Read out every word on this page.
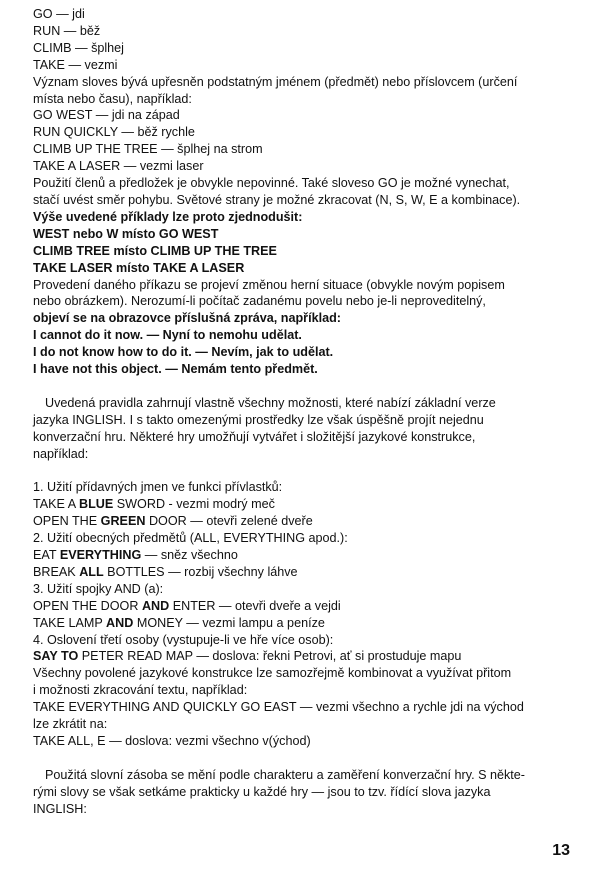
GO — jdi

RUN — běž

CLIMB — šplhej

TAKE — vezmi

Význam sloves bývá upřesněn podstatným jménem (předmět) nebo příslovcem (určení

místa nebo času), například:

GO WEST — jdi na západ

RUN QUICKLY — běž rychle

CLIMB UP THE TREE — šplhej na strom

TAKE A LASER — vezmi laser

Použití členů a předložek je obvykle nepovinné. Také sloveso GO je možné vynechat,

stačí uvést směr pohybu. Světové strany je možné zkracovat (N, S, W, E a kombinace).

Výše uvedené příklady lze proto zjednodušit:

WEST nebo W místo GO WEST

CLIMB TREE místo CLIMB UP THE TREE

TAKE LASER místo TAKE A LASER

Provedení daného příkazu se projeví změnou herní situace (obvykle novým popisem

nebo obrázkem). Nerozumí-li počítač zadanému povelu nebo je-li neproveditelný,

objeví se na obrazovce příslušná zpráva, například:

I cannot do it now. — Nyní to nemohu udělat.

I do not know how to do it. — Nevím, jak to udělat.

I have not this object. — Nemám tento předmět.

Uvedená pravidla zahrnují vlastně všechny možnosti, které nabízí základní verze

jazyka INGLISH. I s takto omezenými prostředky lze však úspěšně projít nejednu

konverzační hru. Některé hry umožňují vytvářet i složitější jazykové konstrukce,

například:

1. Užití přídavných jmen ve funkci přívlastků:

TAKE A BLUE SWORD - vezmi modrý meč

OPEN THE GREEN DOOR — otevři zelené dveře

2. Užití obecných předmětů (ALL, EVERYTHING apod.):

EAT EVERYTHING — sněz všechno

BREAK ALL BOTTLES — rozbij všechny láhve

3. Užití spojky AND (a):

OPEN THE DOOR AND ENTER — otevři dveře a vejdi

TAKE LAMP AND MONEY — vezmi lampu a peníze

4. Oslovení třetí osoby (vystupuje-li ve hře více osob):

SAY TO PETER READ MAP — doslova: řekni Petrovi, ať si prostuduje mapu

Všechny povolené jazykové konstrukce lze samozřejmě kombinovat a využívat přitom

i možnosti zkracování textu, například:

TAKE EVERYTHING AND QUICKLY GO EAST — vezmi všechno a rychle jdi na východ

lze zkrátit na:

TAKE ALL, E — doslova: vezmi všechno v(ýchod)

Použitá slovní zásoba se mění podle charakteru a zaměření konverzační hry. S někte-

rými slovy se však setkáme prakticky u každé hry — jsou to tzv. řídící slova jazyka

INGLISH:

13
